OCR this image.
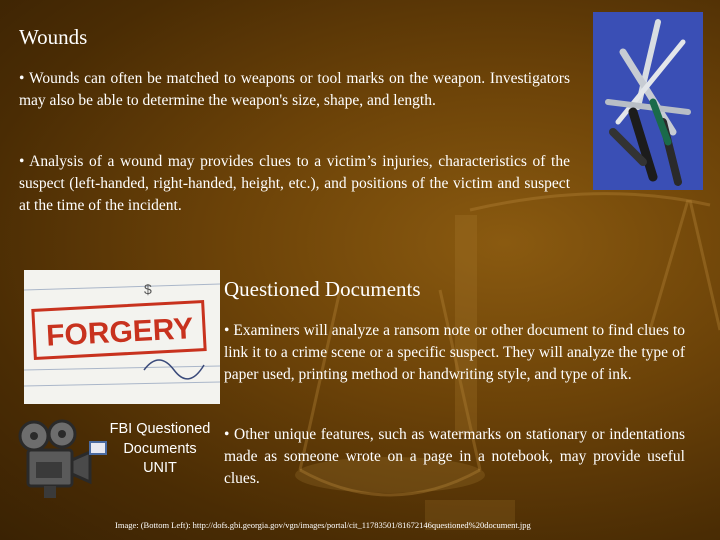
Wounds
• Wounds can often be matched to weapons or tool marks on the weapon. Investigators may also be able to determine the weapon's size, shape, and length.
• Analysis of a wound may provides clues to a victim’s injuries, characteristics of the suspect (left-handed, right-handed, height, etc.), and positions of the victim and suspect at the time of the incident.
FORGERY
$	Questioned Documents
• Examiners will analyze a ransom note or other document to find clues to link it to a crime scene or a specific suspect. They will analyze the type of paper used, printing method or handwriting style, and type of ink.
• Other unique features, such as watermarks on stationary or indentations made as someone wrote on a page in a notebook, may provide useful clues.
FBI Questioned Documents UNIT
Image: (Bottom Left): http://dofs.gbi.georgia.gov/vgn/images/portal/cit_11783501/81672146questioned%20document.jpg
